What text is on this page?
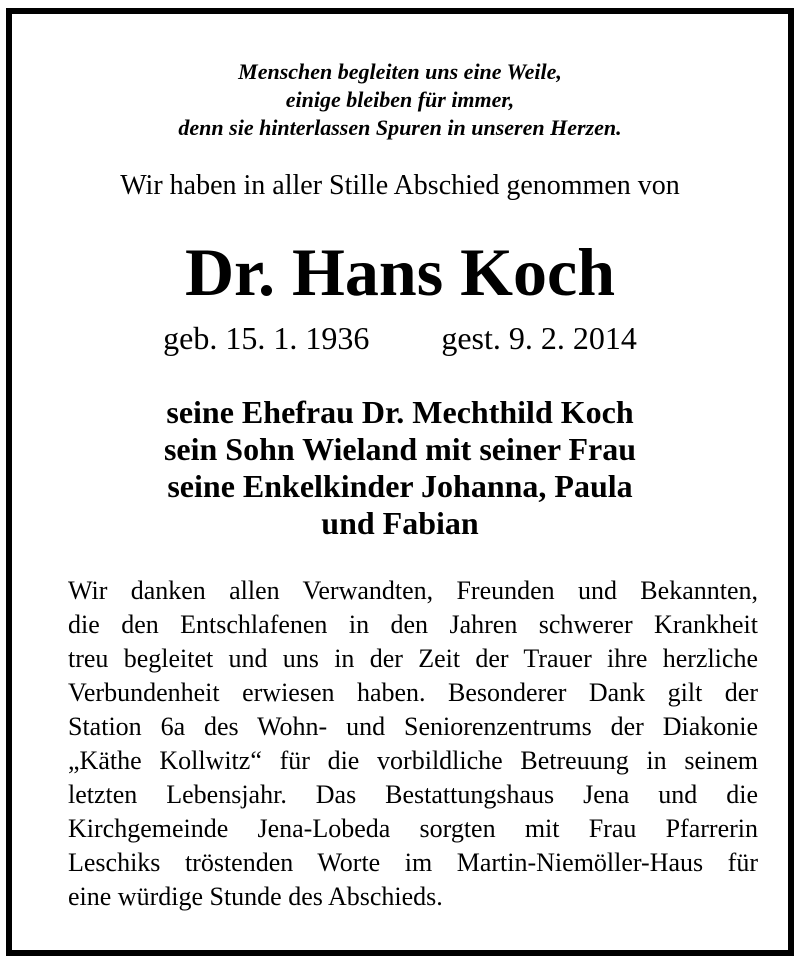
Menschen begleiten uns eine Weile,
einige bleiben für immer,
denn sie hinterlassen Spuren in unseren Herzen.
Wir haben in aller Stille Abschied genommen von
Dr. Hans Koch
geb. 15. 1. 1936 gest. 9. 2. 2014
seine Ehefrau Dr. Mechthild Koch
sein Sohn Wieland mit seiner Frau
seine Enkelkinder Johanna, Paula
und Fabian
Wir danken allen Verwandten, Freunden und Bekannten,
die den Entschlafenen in den Jahren schwerer Krankheit
treu begleitet und uns in der Zeit der Trauer ihre herzliche
Verbundenheit erwiesen haben. Besonderer Dank gilt der
Station 6a des Wohn- und Seniorenzentrums der Diakonie
„Käthe Kollwitz“ für die vorbildliche Betreuung in seinem
letzten Lebensjahr. Das Bestattungshaus Jena und die
Kirchgemeinde Jena-Lobeda sorgten mit Frau Pfarrerin
Leschiks tröstenden Worte im Martin-Niemöller-Haus für
eine würdige Stunde des Abschieds.
